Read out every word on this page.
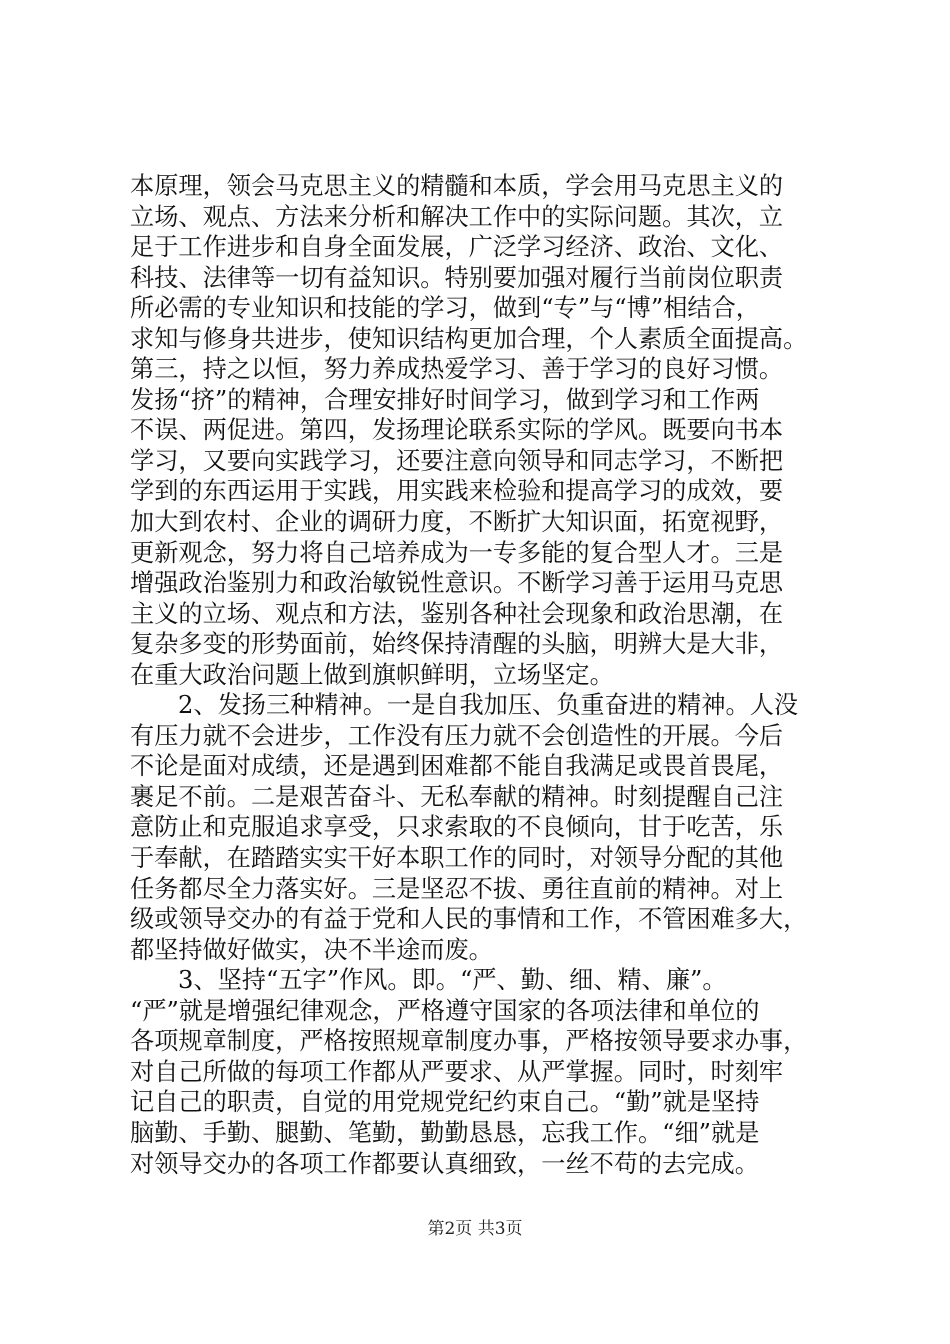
本原理，领会马克思主义的精髓和本质，学会用马克思主义的
立场、观点、方法来分析和解决工作中的实际问题。其次，立
足于工作进步和自身全面发展，广泛学习经济、政治、文化、
科技、法律等一切有益知识。特别要加强对履行当前岗位职责
所必需的专业知识和技能的学习，做到“专”与“博”相结合，
求知与修身共进步，使知识结构更加合理，个人素质全面提高。
第三，持之以恒，努力养成热爱学习、善于学习的良好习惯。
发扬“挤”的精神，合理安排好时间学习，做到学习和工作两
不误、两促进。第四，发扬理论联系实际的学风。既要向书本
学习，又要向实践学习，还要注意向领导和同志学习，不断把
学到的东西运用于实践，用实践来检验和提高学习的成效，要
加大到农村、企业的调研力度，不断扩大知识面，拓宽视野，
更新观念，努力将自己培养成为一专多能的复合型人才。三是
增强政治鉴别力和政治敏锐性意识。不断学习善于运用马克思
主义的立场、观点和方法，鉴别各种社会现象和政治思潮，在
复杂多变的形势面前，始终保持清醒的头脑，明辨大是大非，
在重大政治问题上做到旗帜鲜明，立场坚定。
2、发扬三种精神。一是自我加压、负重奋进的精神。人没
有压力就不会进步，工作没有压力就不会创造性的开展。今后
不论是面对成绩，还是遇到困难都不能自我满足或畏首畏尾，
裹足不前。二是艰苦奋斗、无私奉献的精神。时刻提醒自己注
意防止和克服追求享受，只求索取的不良倾向，甘于吃苦，乐
于奉献，在踏踏实实干好本职工作的同时，对领导分配的其他
任务都尽全力落实好。三是坚忍不拔、勇往直前的精神。对上
级或领导交办的有益于党和人民的事情和工作，不管困难多大，
都坚持做好做实，决不半途而废。
3、坚持“五字”作风。即。“严、勤、细、精、廉”。
“严”就是增强纪律观念，严格遵守国家的各项法律和单位的
各项规章制度，严格按照规章制度办事，严格按领导要求办事，
对自己所做的每项工作都从严要求、从严掌握。同时，时刻牢
记自己的职责，自觉的用党规党纪约束自己。“勤”就是坚持
脑勤、手勤、腿勤、笔勤，勤勤恳恳，忘我工作。“细”就是
对领导交办的各项工作都要认真细致，一丝不苟的去完成。
第2页 共3页
